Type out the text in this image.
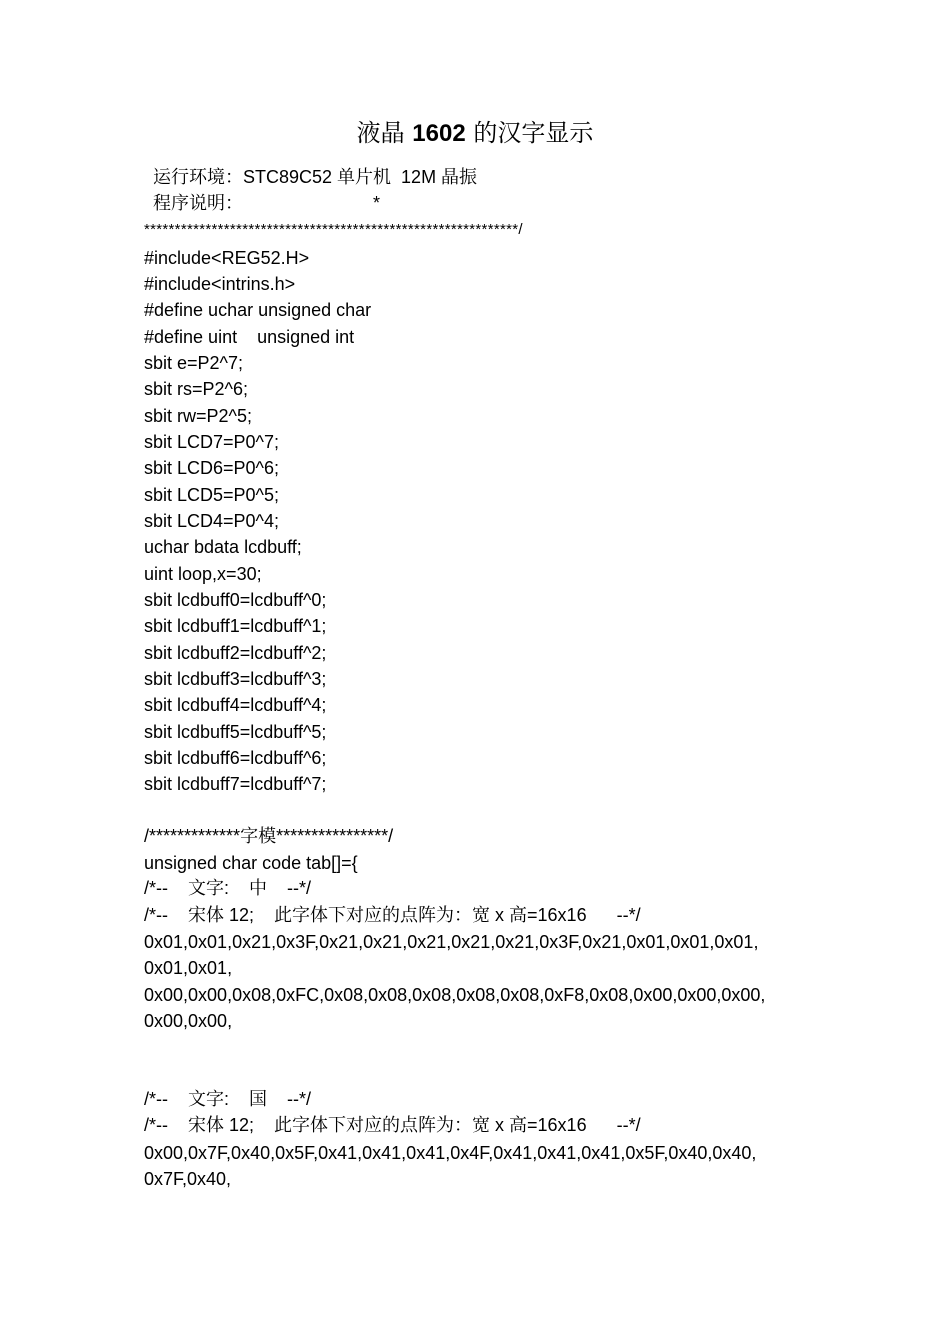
液晶 1602 的汉字显示

运行环境：STC89C52 单片机  12M 晶振

程序说明：                          *

*************************************************************/

#include<REG52.H>

#include<intrins.h>

#define uchar unsigned char

#define uint    unsigned int

sbit e=P2^7;

sbit rs=P2^6;

sbit rw=P2^5;

sbit LCD7=P0^7;

sbit LCD6=P0^6;

sbit LCD5=P0^5;

sbit LCD4=P0^4;

uchar bdata lcdbuff;

uint loop,x=30;

sbit lcdbuff0=lcdbuff^0;

sbit lcdbuff1=lcdbuff^1;

sbit lcdbuff2=lcdbuff^2;

sbit lcdbuff3=lcdbuff^3;

sbit lcdbuff4=lcdbuff^4;

sbit lcdbuff5=lcdbuff^5;

sbit lcdbuff6=lcdbuff^6;

sbit lcdbuff7=lcdbuff^7;

/*************字模****************/

unsigned char code tab[]={

/*--    文字:    中    --*/

/*--    宋体 12;    此字体下对应的点阵为：宽 x 高=16x16      --*/

0x01,0x01,0x21,0x3F,0x21,0x21,0x21,0x21,0x21,0x3F,0x21,0x01,0x01,0x01,

0x01,0x01,

0x00,0x00,0x08,0xFC,0x08,0x08,0x08,0x08,0x08,0xF8,0x08,0x00,0x00,0x00,

0x00,0x00,

/*--    文字:    国    --*/

/*--    宋体 12;    此字体下对应的点阵为：宽 x 高=16x16      --*/

0x00,0x7F,0x40,0x5F,0x41,0x41,0x41,0x4F,0x41,0x41,0x41,0x5F,0x40,0x40,

0x7F,0x40,
